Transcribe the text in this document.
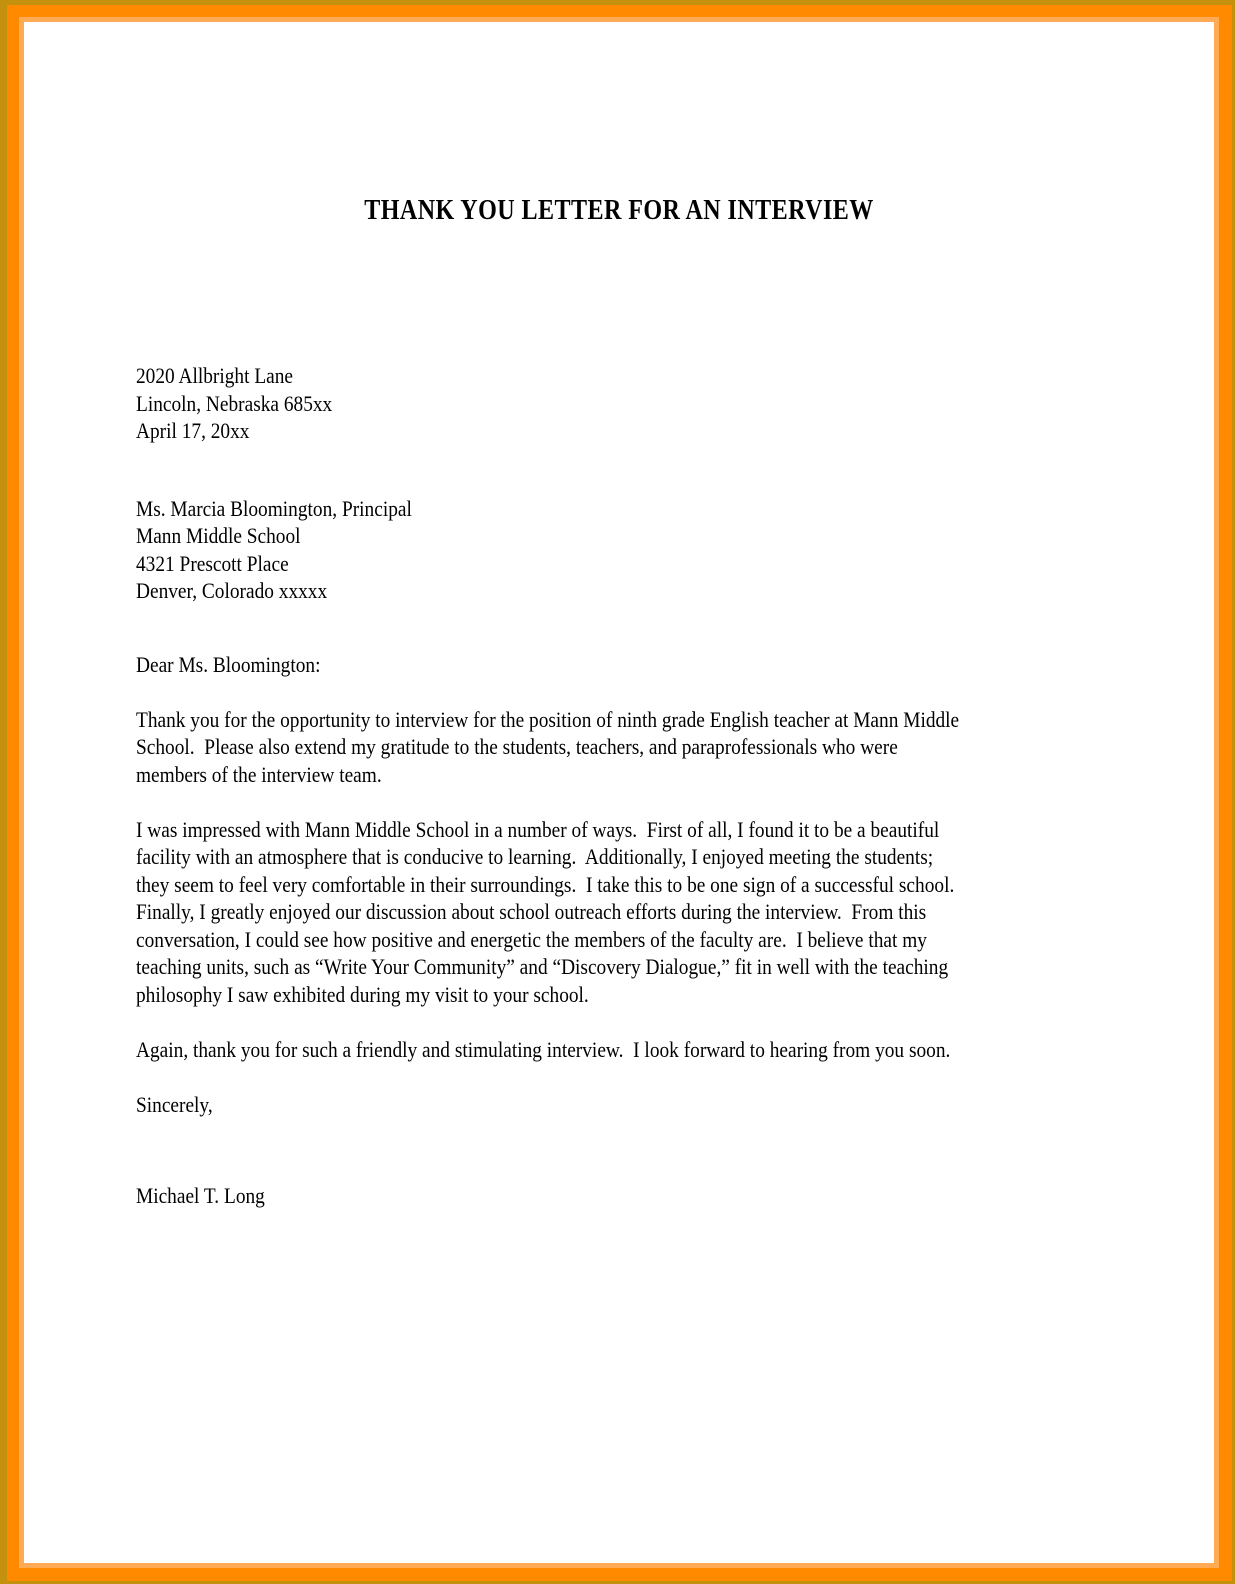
THANK YOU LETTER FOR AN INTERVIEW
2020 Allbright Lane
Lincoln, Nebraska 685xx
April 17, 20xx
Ms. Marcia Bloomington, Principal
Mann Middle School
4321 Prescott Place
Denver, Colorado xxxxx
Dear Ms. Bloomington:
Thank you for the opportunity to interview for the position of ninth grade English teacher at Mann Middle
School.  Please also extend my gratitude to the students, teachers, and paraprofessionals who were
members of the interview team.
I was impressed with Mann Middle School in a number of ways.  First of all, I found it to be a beautiful
facility with an atmosphere that is conducive to learning.  Additionally, I enjoyed meeting the students;
they seem to feel very comfortable in their surroundings.  I take this to be one sign of a successful school.
Finally, I greatly enjoyed our discussion about school outreach efforts during the interview.  From this
conversation, I could see how positive and energetic the members of the faculty are.  I believe that my
teaching units, such as “Write Your Community” and “Discovery Dialogue,” fit in well with the teaching
philosophy I saw exhibited during my visit to your school.
Again, thank you for such a friendly and stimulating interview.  I look forward to hearing from you soon.
Sincerely,
Michael T. Long
